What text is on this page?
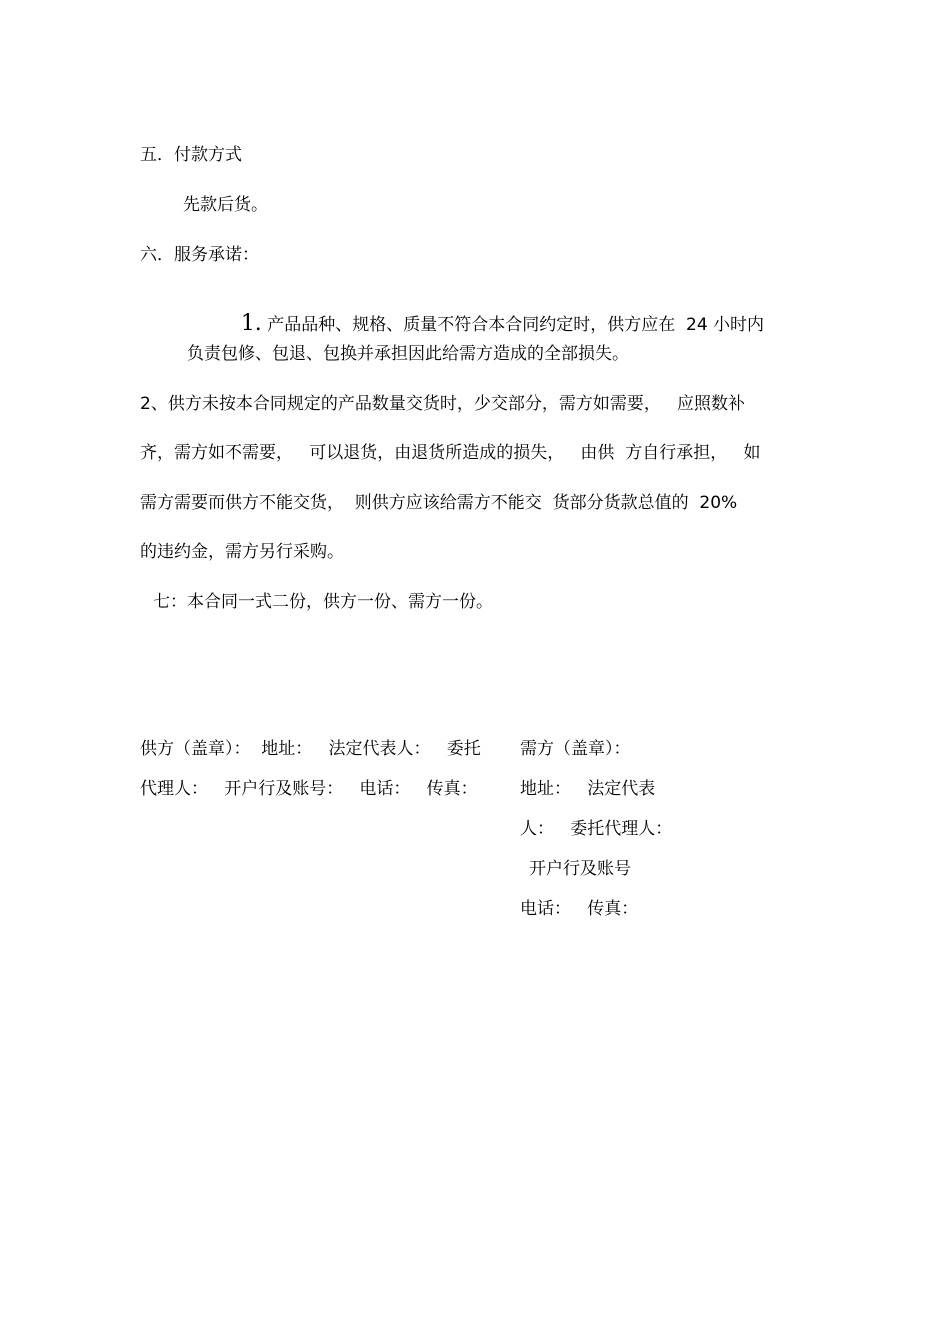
五．付款方式

先款后货。

六．服务承诺：

1. 产品品种、规格、质量不符合本合同约定时，供方应在  24 小时内

负责包修、包退、包换并承担因此给需方造成的全部损失。

2、供方未按本合同规定的产品数量交货时，少交部分，需方如需要，   应照数补

齐，需方如不需要，   可以退货，由退货所造成的损失，   由供  方自行承担，   如

需方需要而供方不能交货，  则供方应该给需方不能交  货部分货款总值的  20%

的违约金，需方另行采购。

七：本合同一式二份，供方一份、需方一份。

供方（盖章）：  地址：   法定代表人：   委托 需方（盖章）：

代理人：   开户行及账号：   电话：   传真： 地址：   法定代表

人：   委托代理人：

开户行及账号

电话：   传真：
